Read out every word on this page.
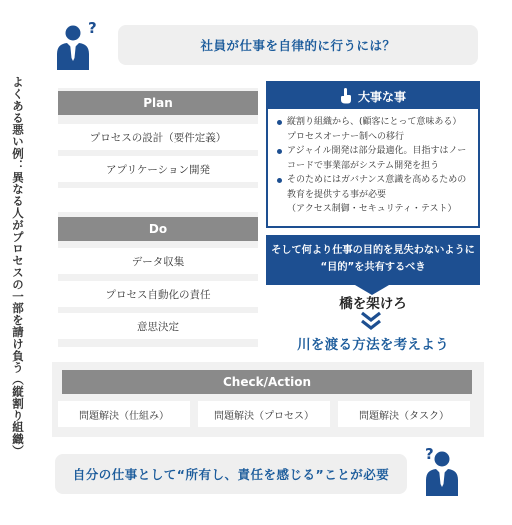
?
社員が仕事を自律的に行うには？
よくある悪い例：異なる人がプロセスの一部を請け負う（縦割り組織）	Plan
プロセスの設計（要件定義）
アプリケーション開発
Do
データ収集
プロセス自動化の責任
意思決定
大事な事
縦割り組織から、(顧客にとって意味ある）プロセスオーナー制への移行
アジャイル開発は部分最適化。目指すはノーコードで事業部がシステム開発を担う
そのためにはガバナンス意識を高めるための教育を提供する事が必要
（アクセス制御・セキュリティ・テスト）
そして何より仕事の目的を見失わないように
“目的”を共有するべき
橋を架けろ
川を渡る方法を考えよう
Check/Action
問題解決（仕組み）	問題解決（プロセス）	問題解決（タスク）
自分の仕事として“所有し、責任を感じる”ことが必要
?
